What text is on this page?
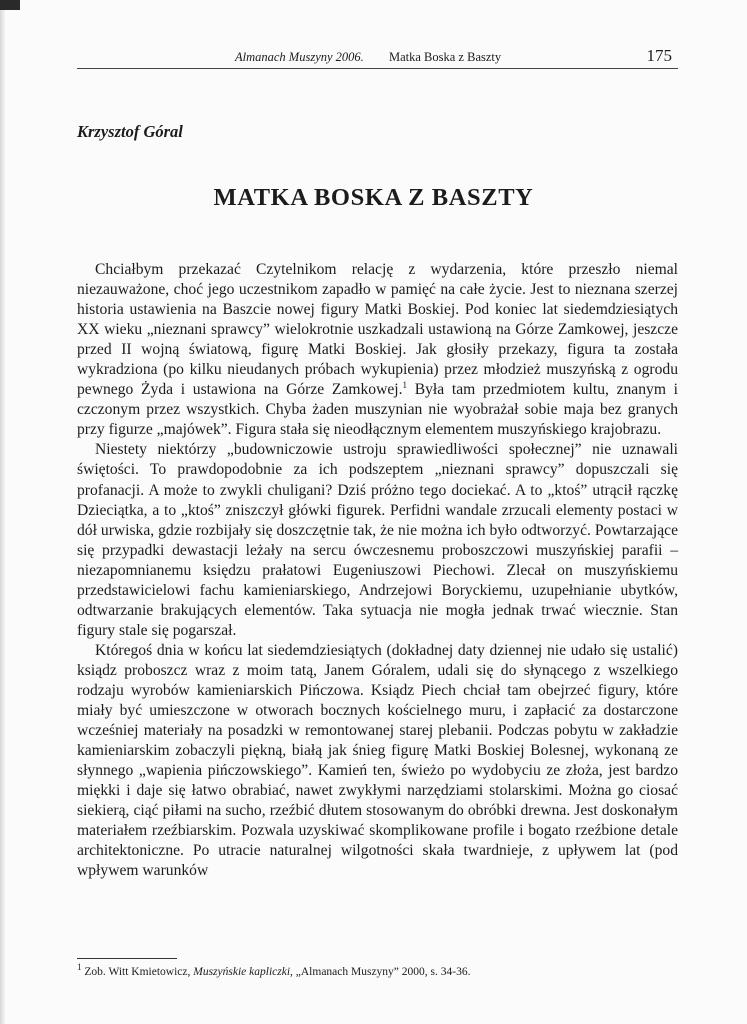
Almanach Muszyny 2006. Matka Boska z Baszty	175
Krzysztof Góral
MATKA BOSKA Z BASZTY

Chciałbym przekazać Czytelnikom relację z wydarzenia, które przeszło niemal niezauważone, choć jego uczestnikom zapadło w pamięć na całe życie. Jest to nieznana szerzej historia ustawienia na Baszcie nowej figury Matki Boskiej. Pod koniec lat siedemdziesiątych XX wieku „nieznani sprawcy” wielokrotnie uszkadzali ustawioną na Górze Zamkowej, jeszcze przed II wojną światową, figurę Matki Boskiej. Jak głosiły przekazy, figura ta została wykradziona (po kilku nieudanych próbach wykupienia) przez młodzież muszyńską z ogrodu pewnego Żyda i ustawiona na Górze Zamkowej.$^1$ Była tam przedmiotem kultu, znanym i czczonym przez wszystkich. Chyba żaden muszynian nie wyobrażał sobie maja bez granych przy figurze „majówek”. Figura stała się nieodłącznym elementem muszyńskiego krajobrazu.

Niestety niektórzy „budowniczowie ustroju sprawiedliwości społecznej” nie uznawali świętości. To prawdopodobnie za ich podszeptem „nieznani sprawcy” dopuszczali się profanacji. A może to zwykli chuligani? Dziś próżno tego dociekać. A to „ktoś” utrącił rączkę Dzieciątka, a to „ktoś” zniszczył główki figurek. Perfidni wandale zrzucali elementy postaci w dół urwiska, gdzie rozbijały się doszczętnie tak, że nie można ich było odtworzyć. Powtarzające się przypadki dewastacji leżały na sercu ówczesnemu proboszczowi muszyńskiej parafii – niezapomnianemu księdzu prałatowi Eugeniuszowi Piechowi. Zlecał on muszyńskiemu przedstawicielowi fachu kamieniarskiego, Andrzejowi Boryckiemu, uzupełnianie ubytków, odtwarzanie brakujących elementów. Taka sytuacja nie mogła jednak trwać wiecznie. Stan figury stale się pogarszał.

Któregoś dnia w końcu lat siedemdziesiątych (dokładnej daty dziennej nie udało się ustalić) ksiądz proboszcz wraz z moim tatą, Janem Góralem, udali się do słynącego z wszelkiego rodzaju wyrobów kamieniarskich Pińczowa. Ksiądz Piech chciał tam obejrzeć figury, które miały być umieszczone w otworach bocznych kościelnego muru, i zapłacić za dostarczone wcześniej materiały na posadzki w remontowanej starej plebanii. Podczas pobytu w zakładzie kamieniarskim zobaczyli piękną, białą jak śnieg figurę Matki Boskiej Bolesnej, wykonaną ze słynnego „wapienia pińczowskiego”. Kamień ten, świeżo po wydobyciu ze złoża, jest bardzo miękki i daje się łatwo obrabiać, nawet zwykłymi narzędziami stolarskimi. Można go ciosać siekierą, ciąć piłami na sucho, rzeźbić dłutem stosowanym do obróbki drewna. Jest doskonałym materiałem rzeźbiarskim. Pozwala uzyskiwać skomplikowane profile i bogato rzeźbione detale architektoniczne. Po utracie naturalnej wilgotności skała twardnieje, z upływem lat (pod wpływem warunków

$^1$ Zob. Witt Kmietowicz, Muszyńskie kapliczki, „Almanach Muszyny” 2000, s. 34-36.
